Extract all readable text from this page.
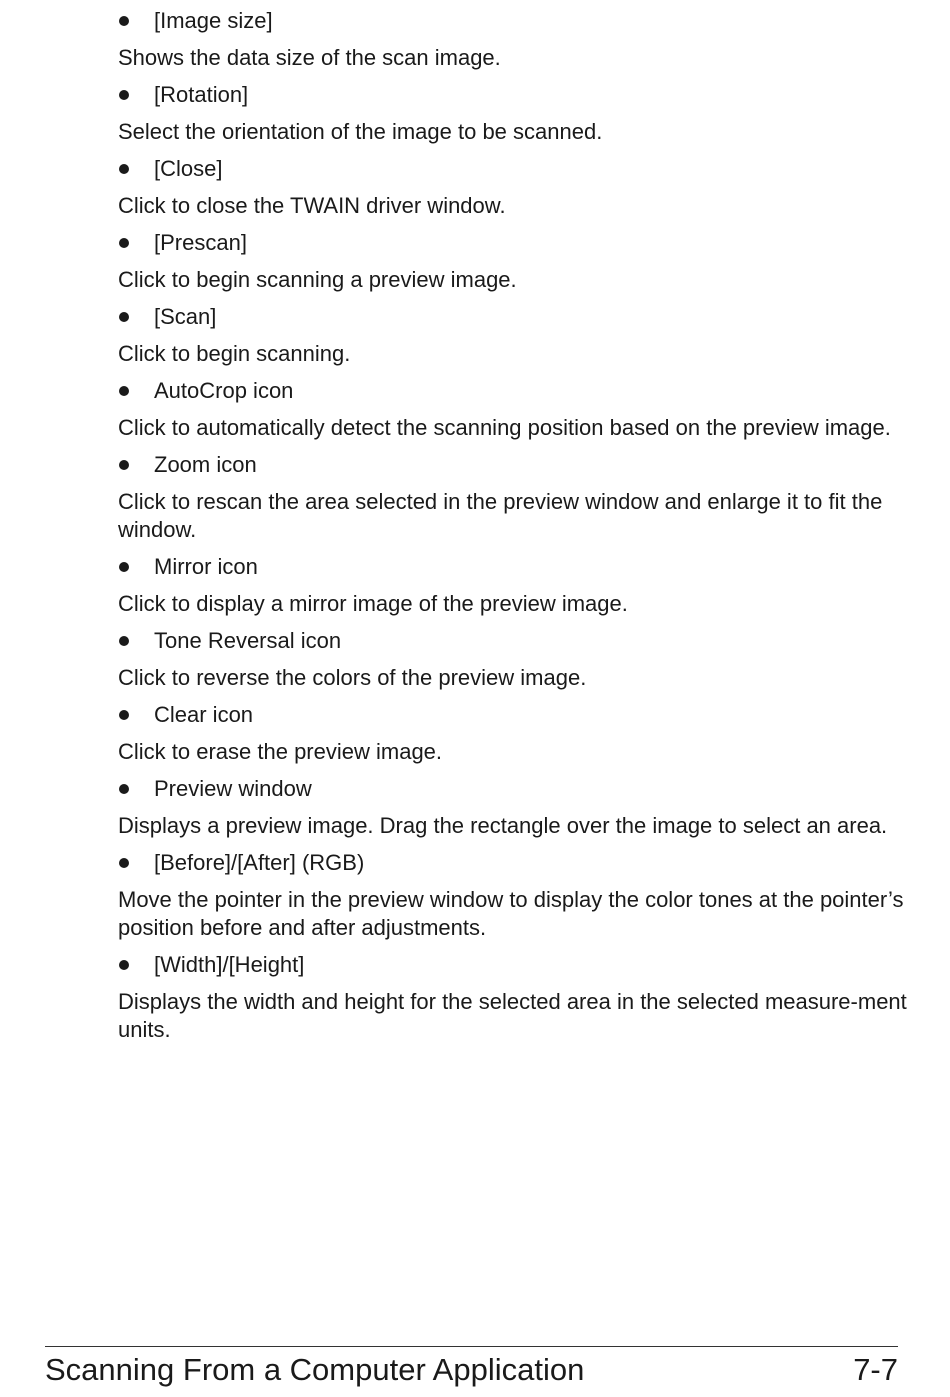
[Image size]
Shows the data size of the scan image.
[Rotation]
Select the orientation of the image to be scanned.
[Close]
Click to close the TWAIN driver window.
[Prescan]
Click to begin scanning a preview image.
[Scan]
Click to begin scanning.
AutoCrop icon
Click to automatically detect the scanning position based on the preview image.
Zoom icon
Click to rescan the area selected in the preview window and enlarge it to fit the window.
Mirror icon
Click to display a mirror image of the preview image.
Tone Reversal icon
Click to reverse the colors of the preview image.
Clear icon
Click to erase the preview image.
Preview window
Displays a preview image. Drag the rectangle over the image to select an area.
[Before]/[After] (RGB)
Move the pointer in the preview window to display the color tones at the pointer’s position before and after adjustments.
[Width]/[Height]
Displays the width and height for the selected area in the selected measure-ment units.
Scanning From a Computer Application	7-7
